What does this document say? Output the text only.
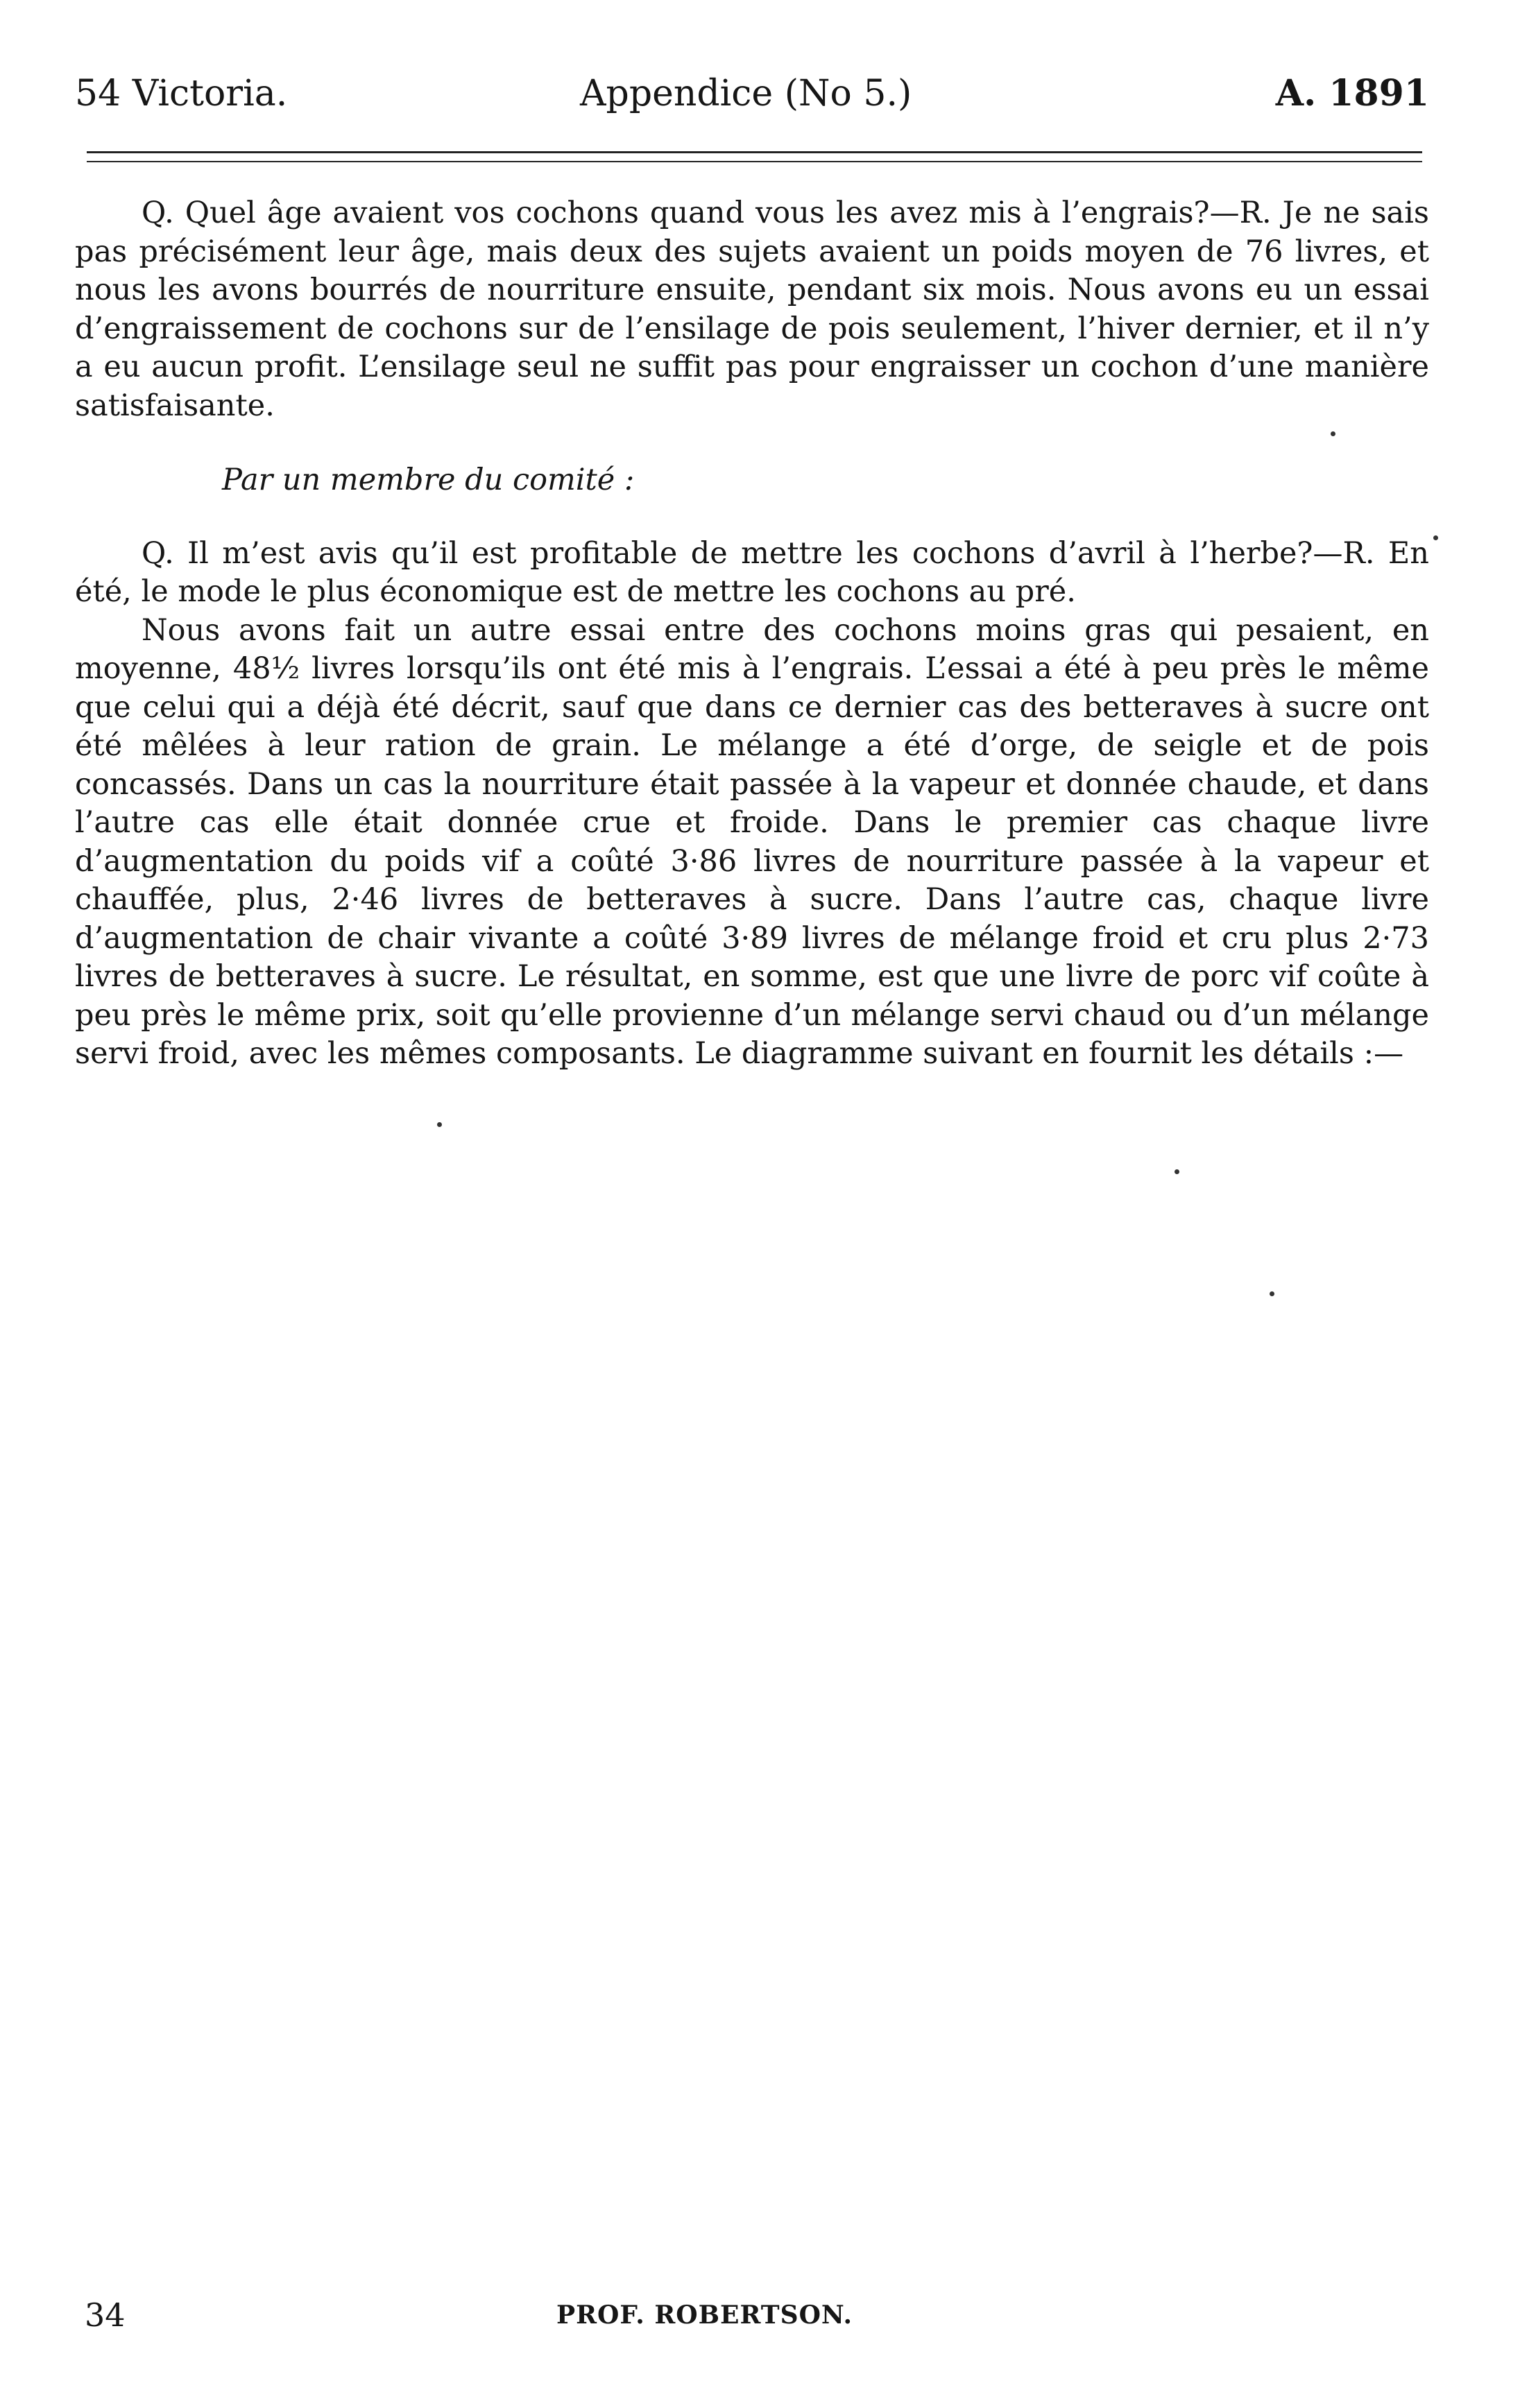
54 Victoria.	Appendice (No 5.)	A. 1891

Q. Quel âge avaient vos cochons quand vous les avez mis à l’engrais?—R. Je ne sais pas précisément leur âge, mais deux des sujets avaient un poids moyen de 76 livres, et nous les avons bourrés de nourriture ensuite, pendant six mois. Nous avons eu un essai d’engraissement de cochons sur de l’ensilage de pois seulement, l’hiver dernier, et il n’y a eu aucun profit. L’ensilage seul ne suffit pas pour engraisser un cochon d’une manière satisfaisante.

Par un membre du comité :

Q. Il m’est avis qu’il est profitable de mettre les cochons d’avril à l’herbe?—R. En été, le mode le plus économique est de mettre les cochons au pré.

Nous avons fait un autre essai entre des cochons moins gras qui pesaient, en moyenne, 48½ livres lorsqu’ils ont été mis à l’engrais. L’essai a été à peu près le même que celui qui a déjà été décrit, sauf que dans ce dernier cas des betteraves à sucre ont été mêlées à leur ration de grain. Le mélange a été d’orge, de seigle et de pois concassés. Dans un cas la nourriture était passée à la vapeur et donnée chaude, et dans l’autre cas elle était donnée crue et froide. Dans le premier cas chaque livre d’augmentation du poids vif a coûté 3·86 livres de nourriture passée à la vapeur et chauffée, plus, 2·46 livres de betteraves à sucre. Dans l’autre cas, chaque livre d’augmentation de chair vivante a coûté 3·89 livres de mélange froid et cru plus 2·73 livres de betteraves à sucre. Le résultat, en somme, est que une livre de porc vif coûte à peu près le même prix, soit qu’elle provienne d’un mélange servi chaud ou d’un mélange servi froid, avec les mêmes composants. Le diagramme suivant en fournit les détails :—

34	PROF. ROBERTSON.
